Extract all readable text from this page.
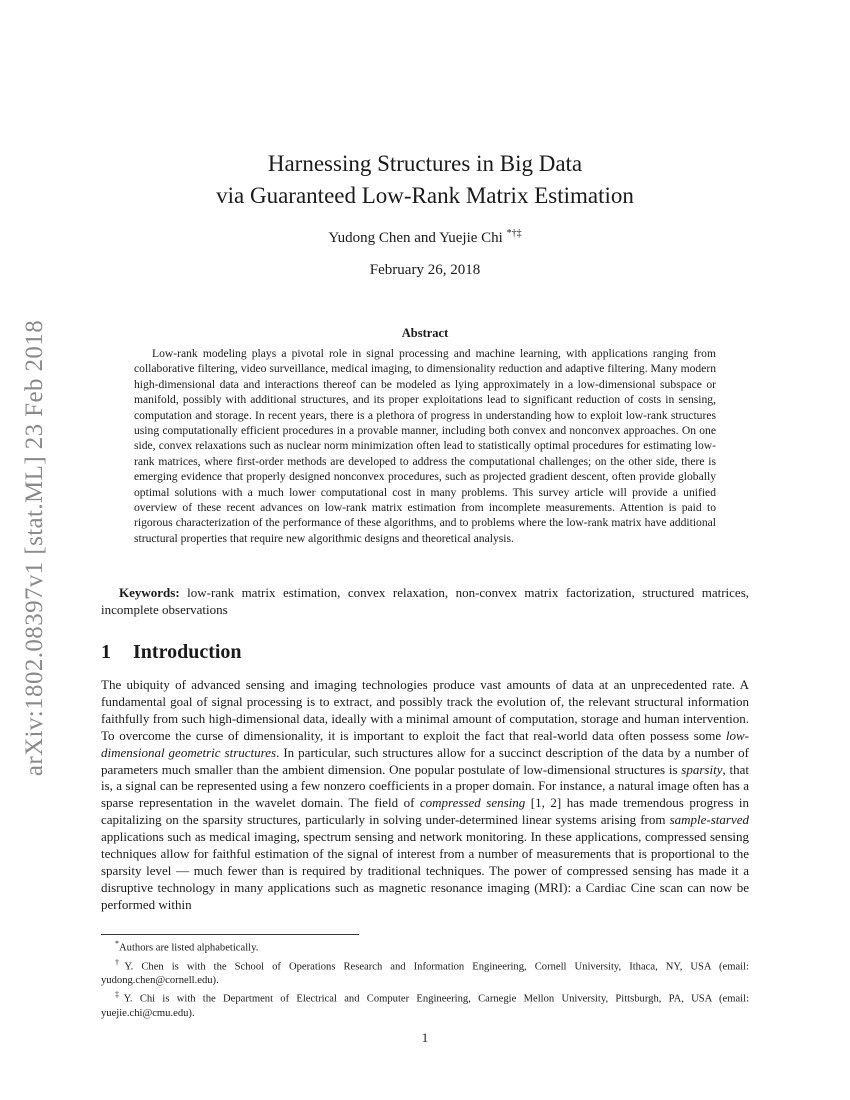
arXiv:1802.08397v1 [stat.ML] 23 Feb 2018
Harnessing Structures in Big Data
via Guaranteed Low-Rank Matrix Estimation
Yudong Chen and Yuejie Chi *†‡
February 26, 2018
Abstract
Low-rank modeling plays a pivotal role in signal processing and machine learning, with applications ranging from collaborative filtering, video surveillance, medical imaging, to dimensionality reduction and adaptive filtering. Many modern high-dimensional data and interactions thereof can be modeled as lying approximately in a low-dimensional subspace or manifold, possibly with additional structures, and its proper exploitations lead to significant reduction of costs in sensing, computation and storage. In recent years, there is a plethora of progress in understanding how to exploit low-rank structures using computationally efficient procedures in a provable manner, including both convex and nonconvex approaches. On one side, convex relaxations such as nuclear norm minimization often lead to statistically optimal procedures for estimating low-rank matrices, where first-order methods are developed to address the computational challenges; on the other side, there is emerging evidence that properly designed nonconvex procedures, such as projected gradient descent, often provide globally optimal solutions with a much lower computational cost in many problems. This survey article will provide a unified overview of these recent advances on low-rank matrix estimation from incomplete measurements. Attention is paid to rigorous characterization of the performance of these algorithms, and to problems where the low-rank matrix have additional structural properties that require new algorithmic designs and theoretical analysis.
Keywords: low-rank matrix estimation, convex relaxation, non-convex matrix factorization, structured matrices, incomplete observations
1 Introduction
The ubiquity of advanced sensing and imaging technologies produce vast amounts of data at an unprecedented rate. A fundamental goal of signal processing is to extract, and possibly track the evolution of, the relevant structural information faithfully from such high-dimensional data, ideally with a minimal amount of computation, storage and human intervention. To overcome the curse of dimensionality, it is important to exploit the fact that real-world data often possess some low-dimensional geometric structures. In particular, such structures allow for a succinct description of the data by a number of parameters much smaller than the ambient dimension. One popular postulate of low-dimensional structures is sparsity, that is, a signal can be represented using a few nonzero coefficients in a proper domain. For instance, a natural image often has a sparse representation in the wavelet domain. The field of compressed sensing [1, 2] has made tremendous progress in capitalizing on the sparsity structures, particularly in solving under-determined linear systems arising from sample-starved applications such as medical imaging, spectrum sensing and network monitoring. In these applications, compressed sensing techniques allow for faithful estimation of the signal of interest from a number of measurements that is proportional to the sparsity level — much fewer than is required by traditional techniques. The power of compressed sensing has made it a disruptive technology in many applications such as magnetic resonance imaging (MRI): a Cardiac Cine scan can now be performed within

*Authors are listed alphabetically.

†Y. Chen is with the School of Operations Research and Information Engineering, Cornell University, Ithaca, NY, USA (email: yudong.chen@cornell.edu).

‡Y. Chi is with the Department of Electrical and Computer Engineering, Carnegie Mellon University, Pittsburgh, PA, USA (email: yuejie.chi@cmu.edu).

1
